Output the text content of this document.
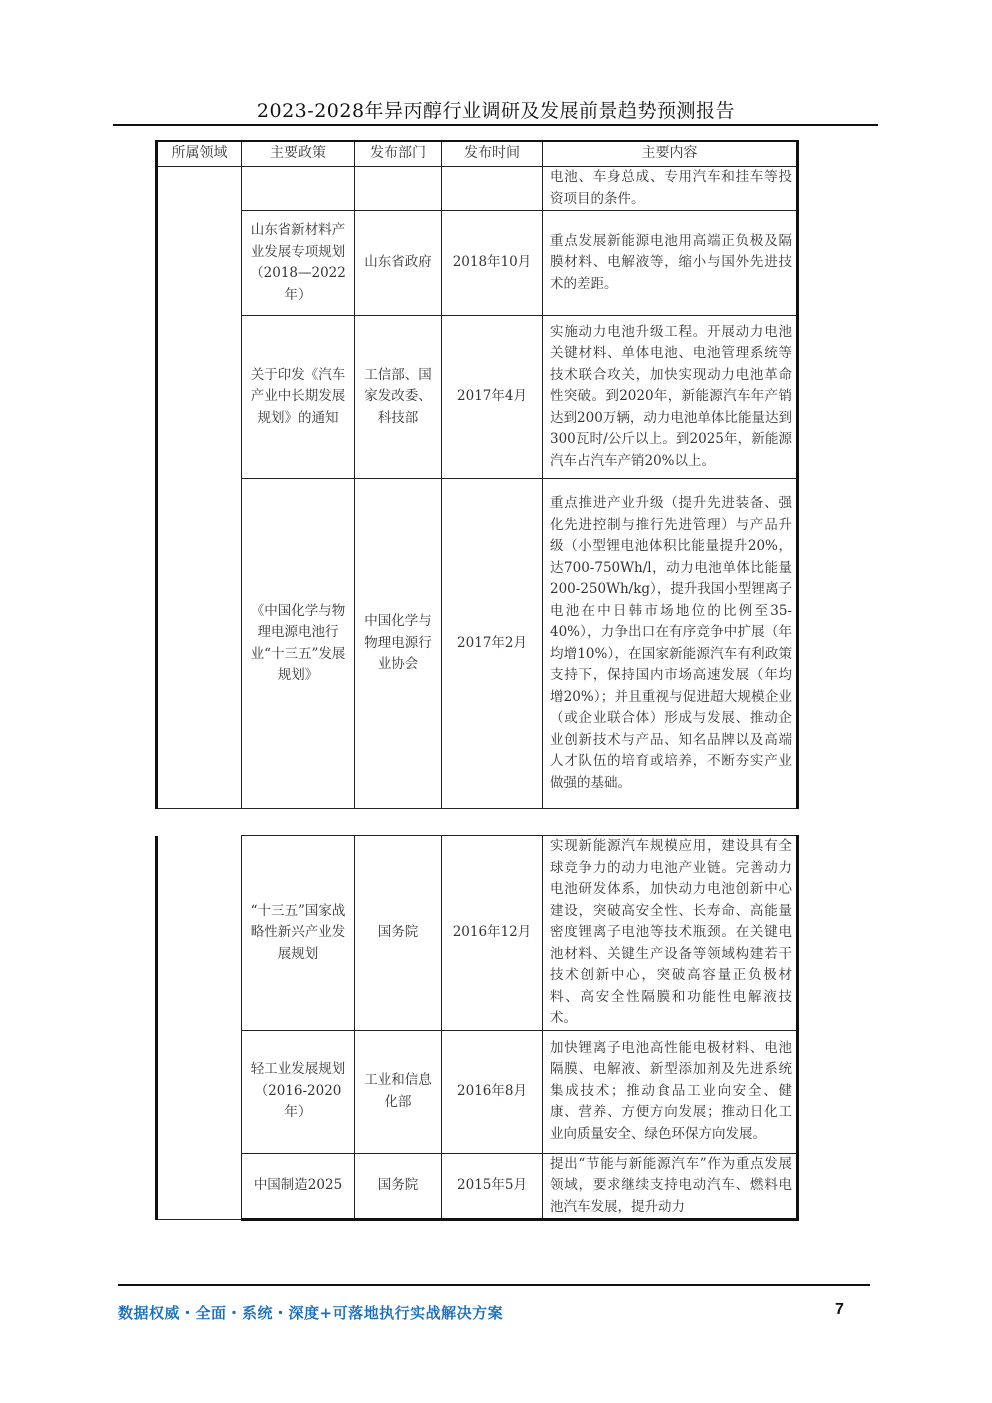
2023-2028年异丙醇行业调研及发展前景趋势预测报告
所属领域	主要政策	发布部门	发布时间	主要内容
				电池、车身总成、专用汽车和挂车等投资项目的条件。
	山东省新材料产业发展专项规划（2018—2022年）	山东省政府	2018年10月	重点发展新能源电池用高端正负极及隔膜材料、电解液等，缩小与国外先进技术的差距。
	关于印发《汽车产业中长期发展规划》的通知	工信部、国家发改委、科技部	2017年4月	实施动力电池升级工程。开展动力电池关键材料、单体电池、电池管理系统等技术联合攻关，加快实现动力电池革命性突破。到2020年，新能源汽车年产销达到200万辆，动力电池单体比能量达到300瓦时/公斤以上。到2025年，新能源汽车占汽车产销20%以上。
	《中国化学与物理电源电池行业“十三五”发展规划》	中国化学与物理电源行业协会	2017年2月	重点推进产业升级（提升先进装备、强化先进控制与推行先进管理）与产品升级（小型锂电池体积比能量提升20%，达700-750Wh/l，动力电池单体比能量200-250Wh/kg），提升我国小型锂离子电池在中日韩市场地位的比例至35-40%），力争出口在有序竞争中扩展（年均增10%），在国家新能源汽车有利政策支持下，保持国内市场高速发展（年均增20%）；并且重视与促进超大规模企业（或企业联合体）形成与发展、推动企业创新技术与产品、知名品牌以及高端人才队伍的培育或培养，不断夯实产业做强的基础。
	“十三五”国家战略性新兴产业发展规划	国务院	2016年12月	实现新能源汽车规模应用，建设具有全球竞争力的动力电池产业链。完善动力电池研发体系，加快动力电池创新中心建设，突破高安全性、长寿命、高能量密度锂离子电池等技术瓶颈。在关键电池材料、关键生产设备等领域构建若干技术创新中心，突破高容量正负极材料、高安全性隔膜和功能性电解液技术。
	轻工业发展规划（2016-2020年）	工业和信息化部	2016年8月	加快锂离子电池高性能电极材料、电池隔膜、电解液、新型添加剂及先进系统集成技术；推动食品工业向安全、健康、营养、方便方向发展；推动日化工业向质量安全、绿色环保方向发展。
	中国制造2025	国务院	2015年5月	提出“节能与新能源汽车”作为重点发展领域，要求继续支持电动汽车、燃料电池汽车发展，提升动力
数据权威・全面・系统・深度+可落地执行实战解决方案	7
